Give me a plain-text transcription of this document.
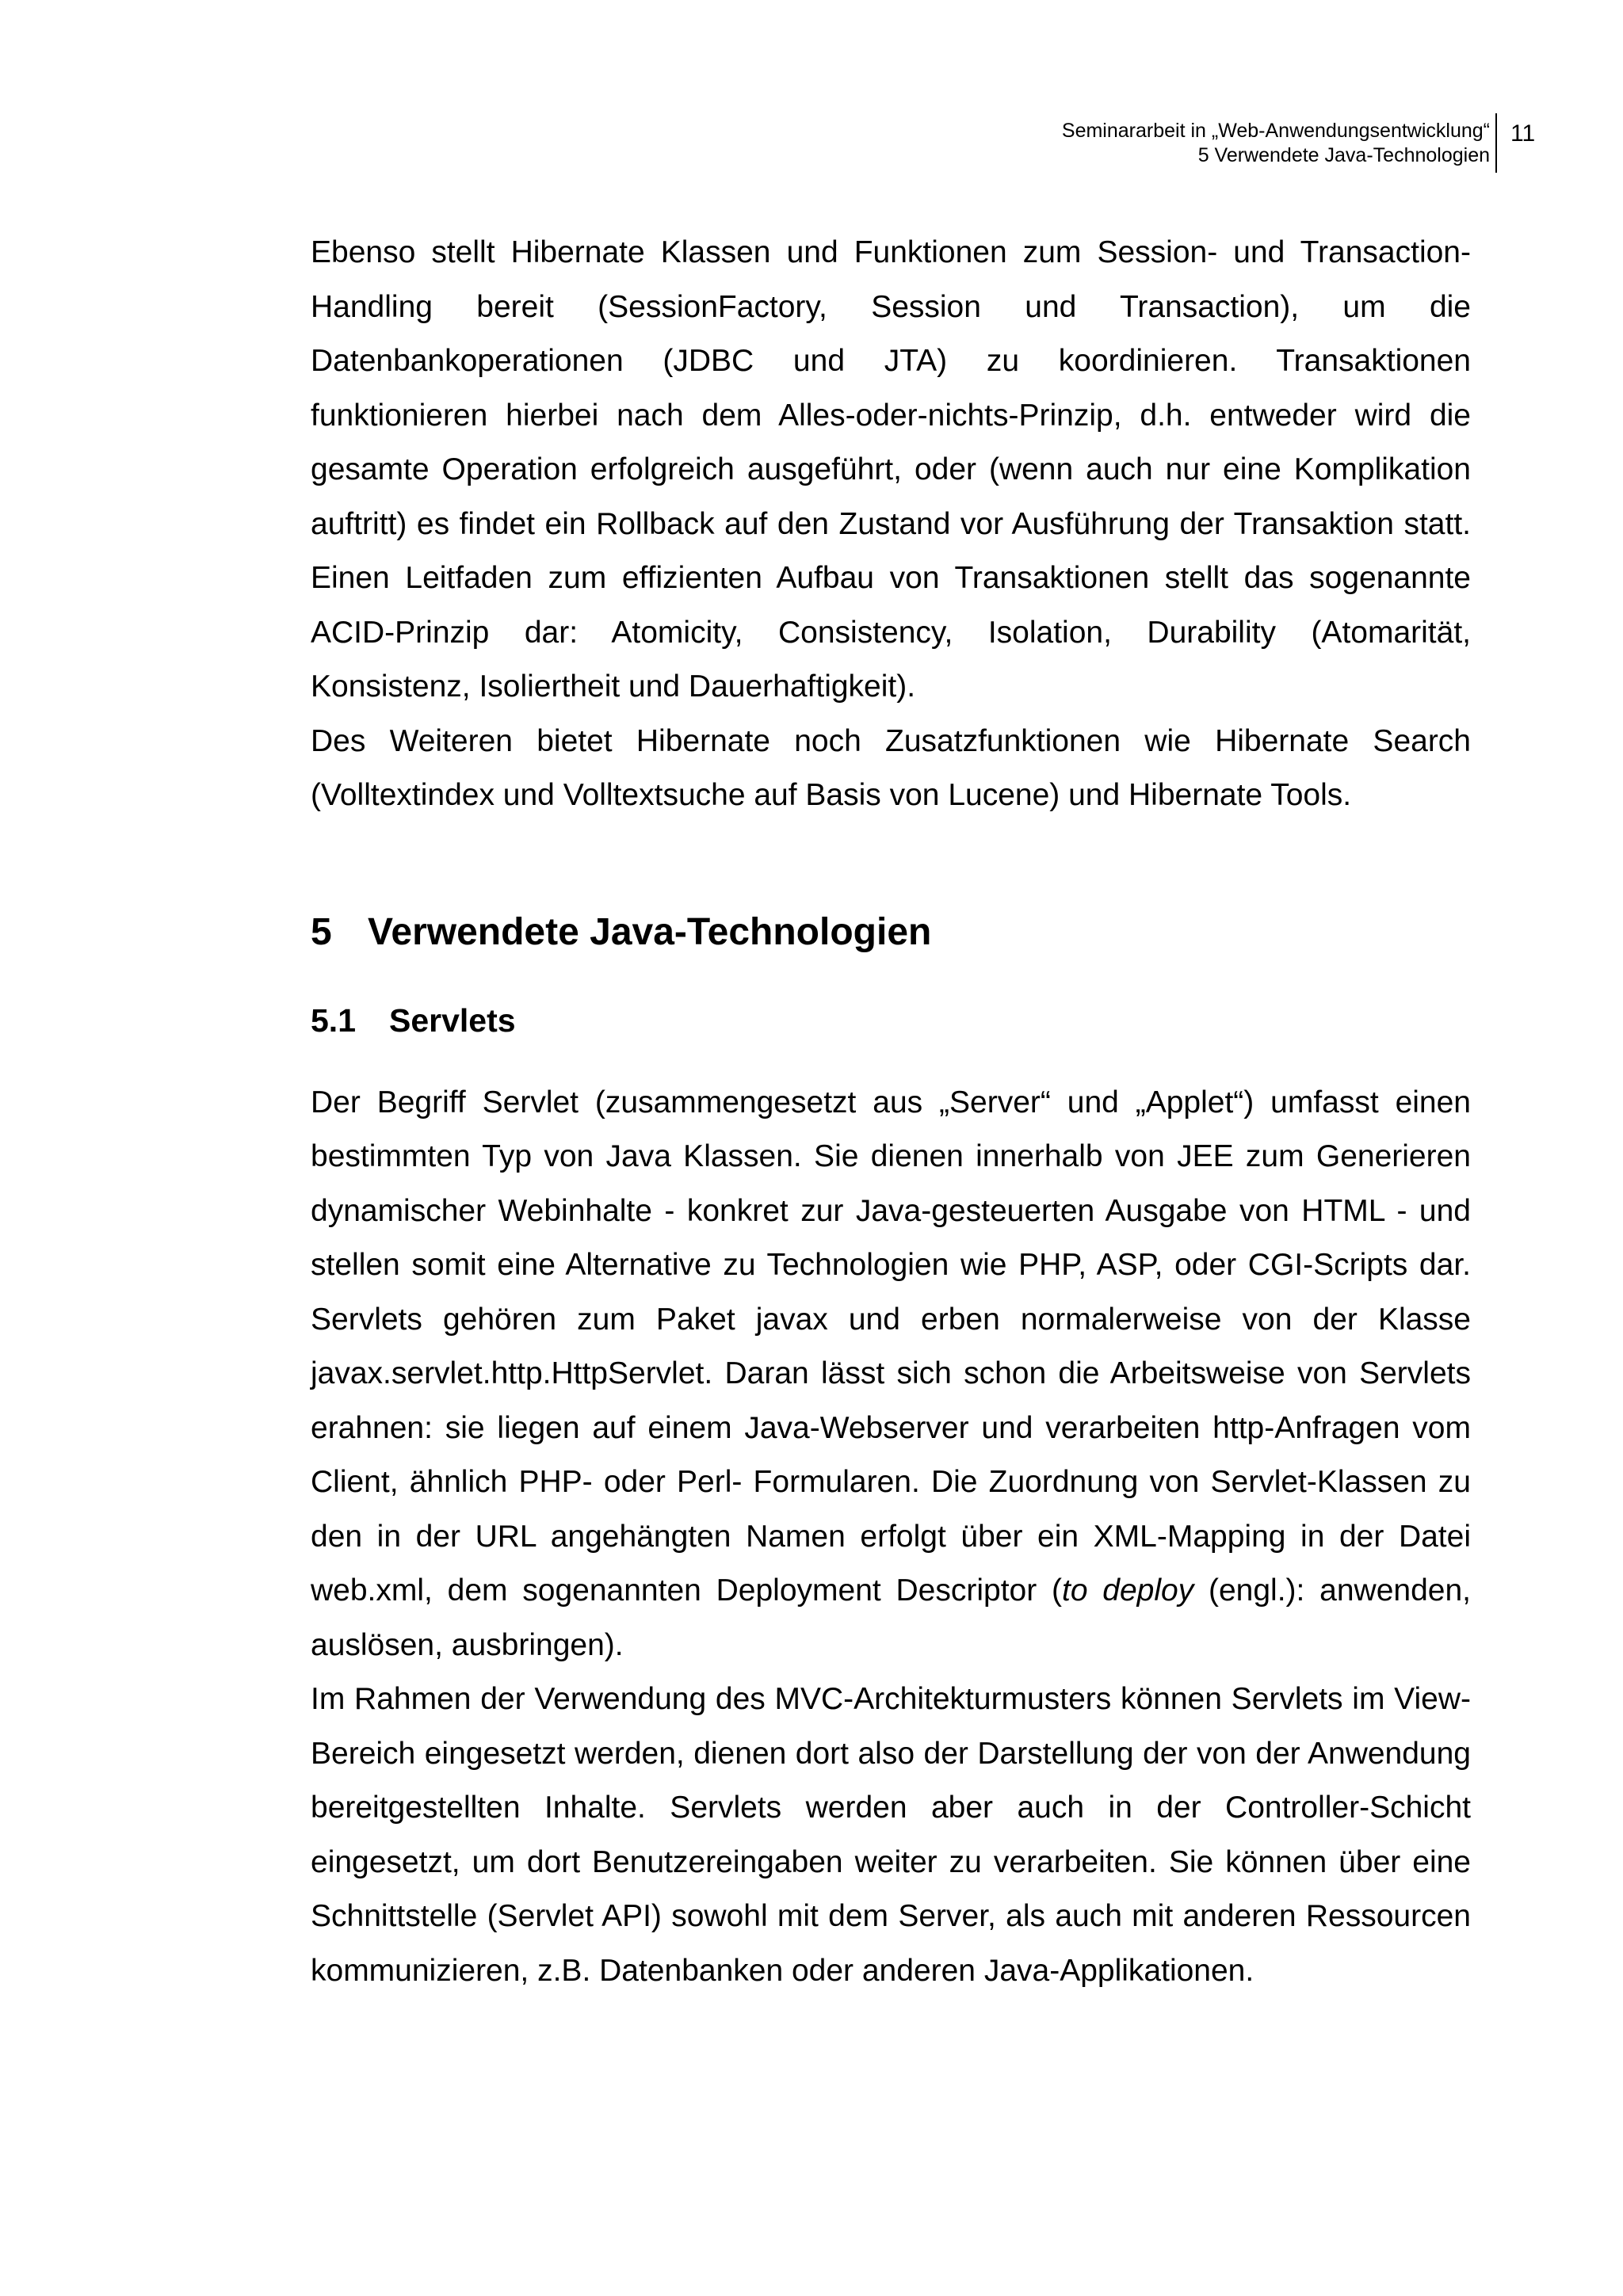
Seminararbeit in „Web-Anwendungsentwicklung“
5 Verwendete Java-Technologien
11

Ebenso stellt Hibernate Klassen und Funktionen zum Session- und Transaction-Handling bereit (SessionFactory, Session und Transaction), um die Datenbankoperationen (JDBC und JTA) zu koordinieren. Transaktionen funktionieren hierbei nach dem Alles-oder-nichts-Prinzip, d.h. entweder wird die gesamte Operation erfolgreich ausgeführt, oder (wenn auch nur eine Komplikation auftritt) es findet ein Rollback auf den Zustand vor Ausführung der Transaktion statt. Einen Leitfaden zum effizienten Aufbau von Transaktionen stellt das sogenannte ACID-Prinzip dar: Atomicity, Consistency, Isolation, Durability (Atomarität, Konsistenz, Isoliertheit und Dauerhaftigkeit).

Des Weiteren bietet Hibernate noch Zusatzfunktionen wie Hibernate Search (Volltextindex und Volltextsuche auf Basis von Lucene) und Hibernate Tools.

5 Verwendete Java-Technologien
5.1 Servlets

Der Begriff Servlet (zusammengesetzt aus „Server“ und „Applet“) umfasst einen bestimmten Typ von Java Klassen. Sie dienen innerhalb von JEE zum Generieren dynamischer Webinhalte - konkret zur Java-gesteuerten Ausgabe von HTML - und stellen somit eine Alternative zu Technologien wie PHP, ASP, oder CGI-Scripts dar. Servlets gehören zum Paket javax und erben normalerweise von der Klasse javax.servlet.http.HttpServlet. Daran lässt sich schon die Arbeitsweise von Servlets erahnen: sie liegen auf einem Java-Webserver und verarbeiten http-Anfragen vom Client, ähnlich PHP- oder Perl- Formularen. Die Zuordnung von Servlet-Klassen zu den in der URL angehängten Namen erfolgt über ein XML-Mapping in der Datei web.xml, dem sogenannten Deployment Descriptor (to deploy (engl.): anwenden, auslösen, ausbringen).

Im Rahmen der Verwendung des MVC-Architekturmusters können Servlets im View-Bereich eingesetzt werden, dienen dort also der Darstellung der von der Anwendung bereitgestellten Inhalte. Servlets werden aber auch in der Controller-Schicht eingesetzt, um dort Benutzereingaben weiter zu verarbeiten. Sie können über eine Schnittstelle (Servlet API) sowohl mit dem Server, als auch mit anderen Ressourcen kommunizieren, z.B. Datenbanken oder anderen Java-Applikationen.
